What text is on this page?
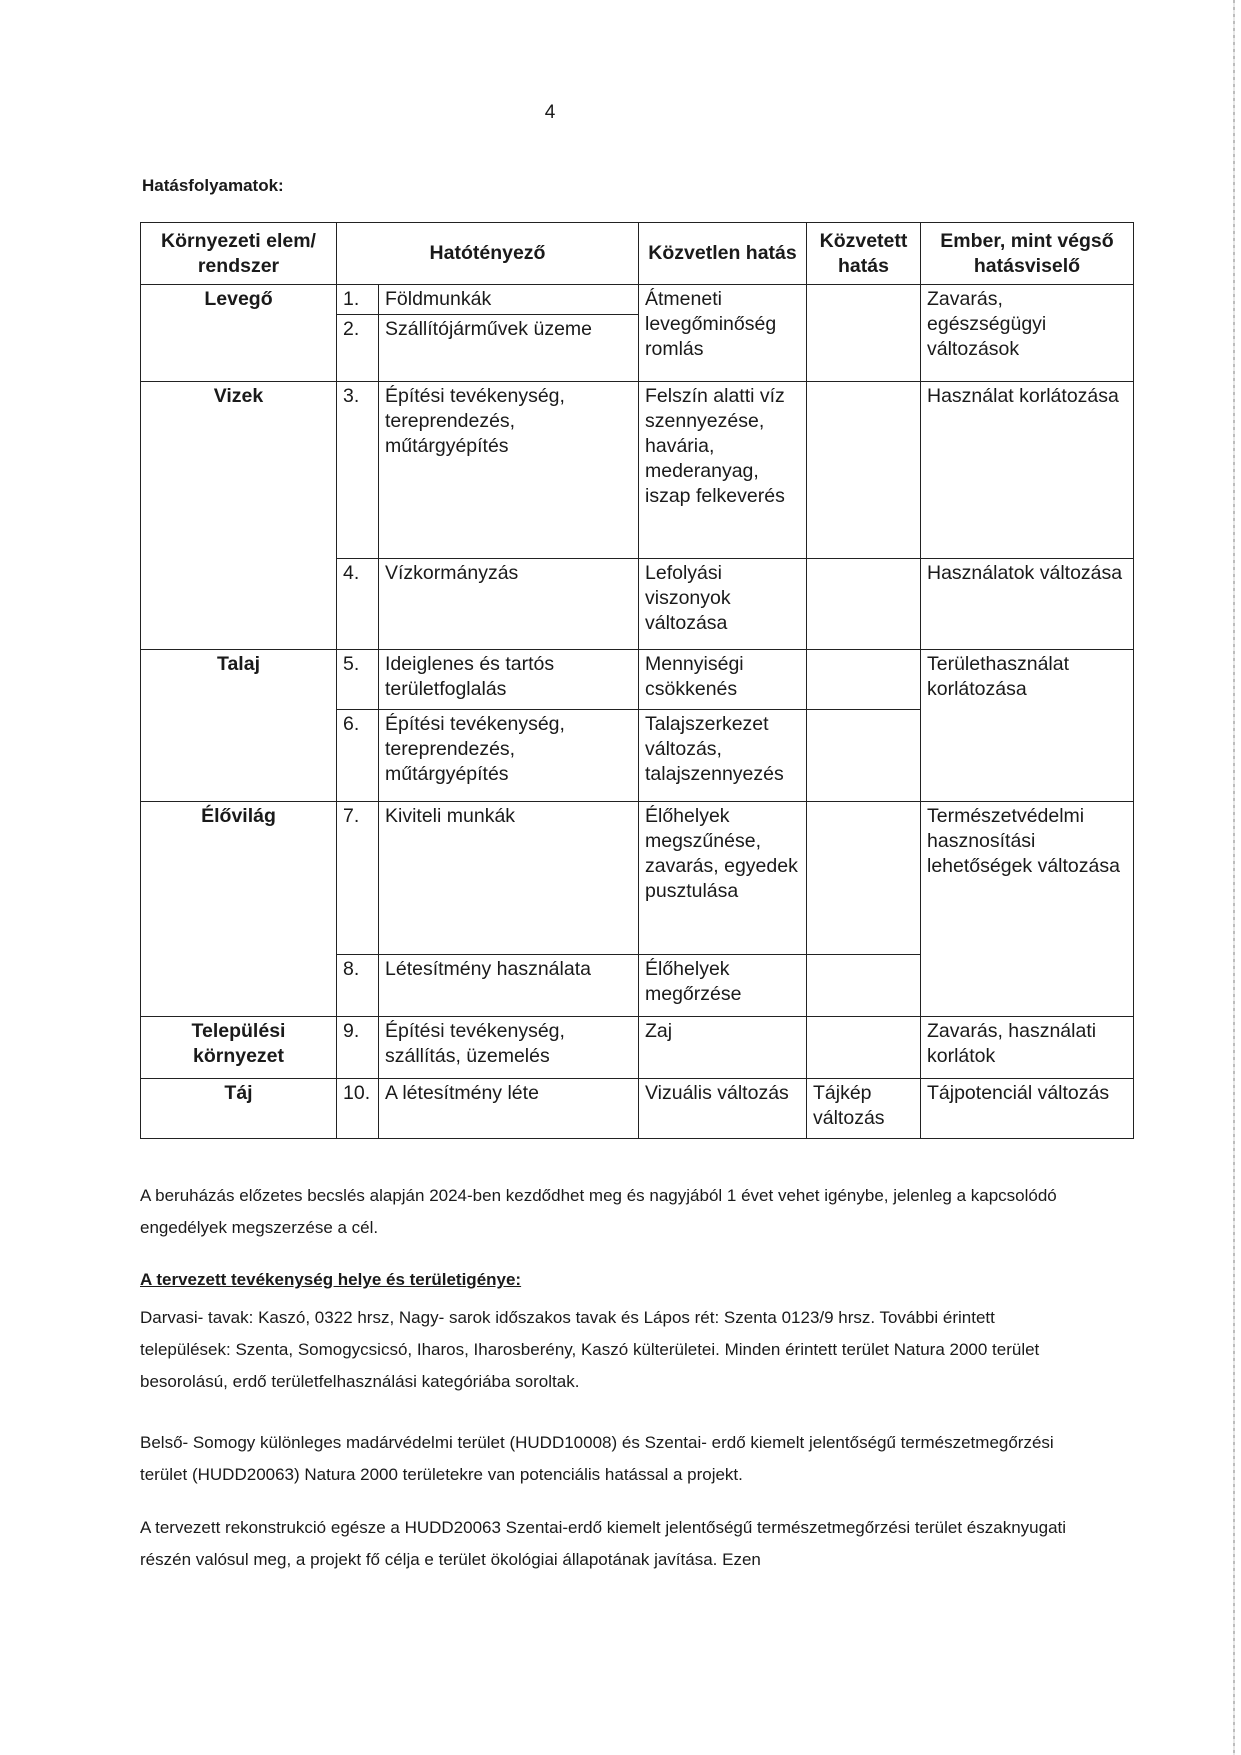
4
Hatásfolyamatok:
Környezeti elem/ rendszer	Hatótényező		Közvetlen hatás	Közvetett hatás	Ember, mint végső hatásviselő
Levegő	1.	Földmunkák	Átmeneti levegőminőség romlás		Zavarás, egészségügyi változások
	2.	Szállítójárművek üzeme			
Vizek	3.	Építési tevékenység, tereprendezés, műtárgyépítés	Felszín alatti víz szennyezése, havária, mederanyag, iszap felkeverés		Használat korlátozása
	4.	Vízkormányzás	Lefolyási viszonyok változása		Használatok változása
Talaj	5.	Ideiglenes és tartós területfoglalás	Mennyiségi csökkenés		Területhasználat korlátozása
	6.	Építési tevékenység, tereprendezés, műtárgyépítés	Talajszerkezet változás, talajszennyezés		
Élővilág	7.	Kiviteli munkák	Élőhelyek megszűnése, zavarás, egyedek pusztulása		Természetvédelmi hasznosítási lehetőségek változása
	8.	Létesítmény használata	Élőhelyek megőrzése		
Települési környezet	9.	Építési tevékenység, szállítás, üzemelés	Zaj		Zavarás, használati korlátok
Táj	10.	A létesítmény léte	Vizuális változás	Tájkép változás	Tájpotenciál változás
A beruházás előzetes becslés alapján 2024-ben kezdődhet meg és nagyjából 1 évet vehet igénybe, jelenleg a kapcsolódó engedélyek megszerzése a cél.
A tervezett tevékenység helye és területigénye:
Darvasi- tavak: Kaszó, 0322 hrsz, Nagy- sarok időszakos tavak és Lápos rét: Szenta 0123/9 hrsz. További érintett települések: Szenta, Somogycsicsó, Iharos, Iharosberény, Kaszó külterületei. Minden érintett terület Natura 2000 terület besorolású, erdő területfelhasználási kategóriába soroltak.
Belső- Somogy különleges madárvédelmi terület (HUDD10008) és Szentai- erdő kiemelt jelentőségű természetmegőrzési terület (HUDD20063) Natura 2000 területekre van potenciális hatással a projekt.
A tervezett rekonstrukció egésze a HUDD20063 Szentai-erdő kiemelt jelentőségű természetmegőrzési terület északnyugati részén valósul meg, a projekt fő célja e terület ökológiai állapotának javítása. Ezen
